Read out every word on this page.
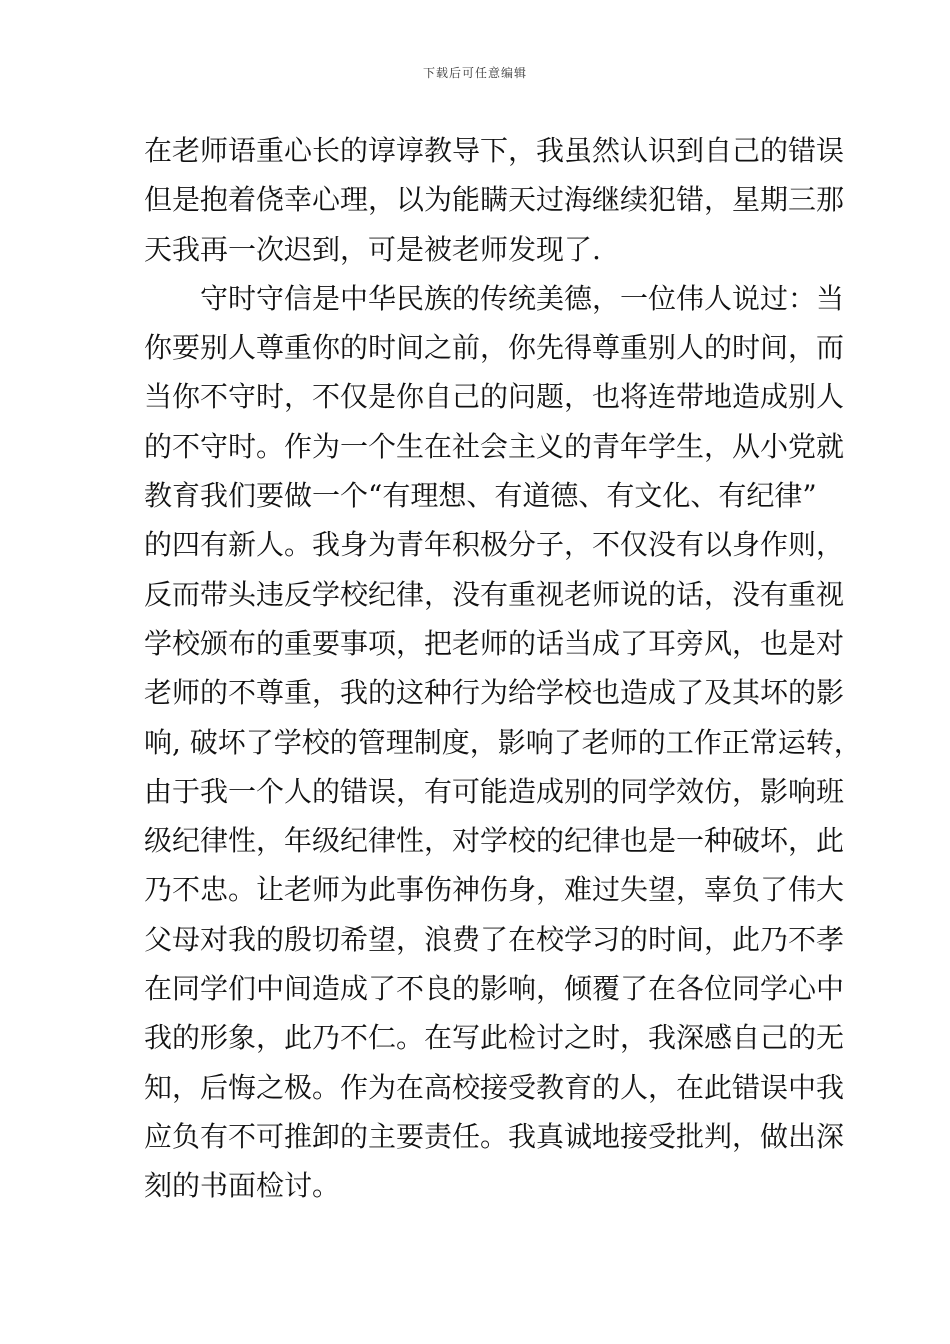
下载后可任意编辑
在老师语重心长的谆谆教导下，我虽然认识到自己的错误
但是抱着侥幸心理，以为能瞒天过海继续犯错，星期三那
天我再一次迟到，可是被老师发现了.
守时守信是中华民族的传统美德，一位伟人说过：当
你要别人尊重你的时间之前，你先得尊重别人的时间，而
当你不守时，不仅是你自己的问题，也将连带地造成别人
的不守时。作为一个生在社会主义的青年学生，从小党就
教育我们要做一个“有理想、有道德、有文化、有纪律”
的四有新人。我身为青年积极分子，不仅没有以身作则，
反而带头违反学校纪律，没有重视老师说的话，没有重视
学校颁布的重要事项，把老师的话当成了耳旁风，也是对
老师的不尊重，我的这种行为给学校也造成了及其坏的影
响, 破坏了学校的管理制度，影响了老师的工作正常运转，
由于我一个人的错误，有可能造成别的同学效仿，影响班
级纪律性，年级纪律性，对学校的纪律也是一种破坏，此
乃不忠。让老师为此事伤神伤身，难过失望，辜负了伟大
父母对我的殷切希望，浪费了在校学习的时间，此乃不孝
在同学们中间造成了不良的影响，倾覆了在各位同学心中
我的形象，此乃不仁。在写此检讨之时，我深感自己的无
知，后悔之极。作为在高校接受教育的人，在此错误中我
应负有不可推卸的主要责任。我真诚地接受批判，做出深
刻的书面检讨。
